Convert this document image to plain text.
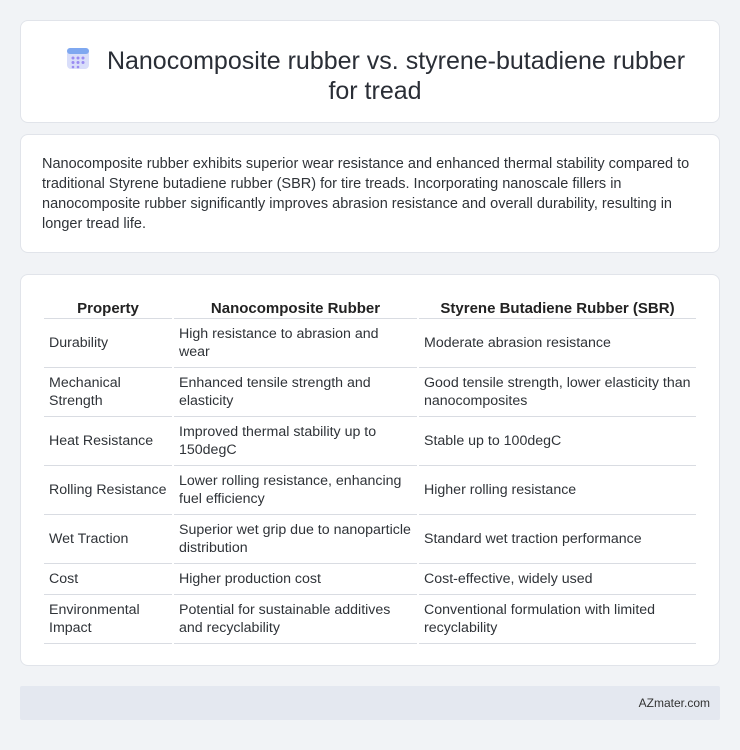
Nanocomposite rubber vs. styrene-butadiene rubber for tread

Nanocomposite rubber exhibits superior wear resistance and enhanced thermal stability compared to traditional Styrene butadiene rubber (SBR) for tire treads. Incorporating nanoscale fillers in nanocomposite rubber significantly improves abrasion resistance and overall durability, resulting in longer tread life.

Property	Nanocomposite Rubber	Styrene Butadiene Rubber (SBR)
Durability	High resistance to abrasion and wear	Moderate abrasion resistance
Mechanical Strength	Enhanced tensile strength and elasticity	Good tensile strength, lower elasticity than nanocomposites
Heat Resistance	Improved thermal stability up to 150degC	Stable up to 100degC
Rolling Resistance	Lower rolling resistance, enhancing fuel efficiency	Higher rolling resistance
Wet Traction	Superior wet grip due to nanoparticle distribution	Standard wet traction performance
Cost	Higher production cost	Cost-effective, widely used
Environmental Impact	Potential for sustainable additives and recyclability	Conventional formulation with limited recyclability
AZmater.com
